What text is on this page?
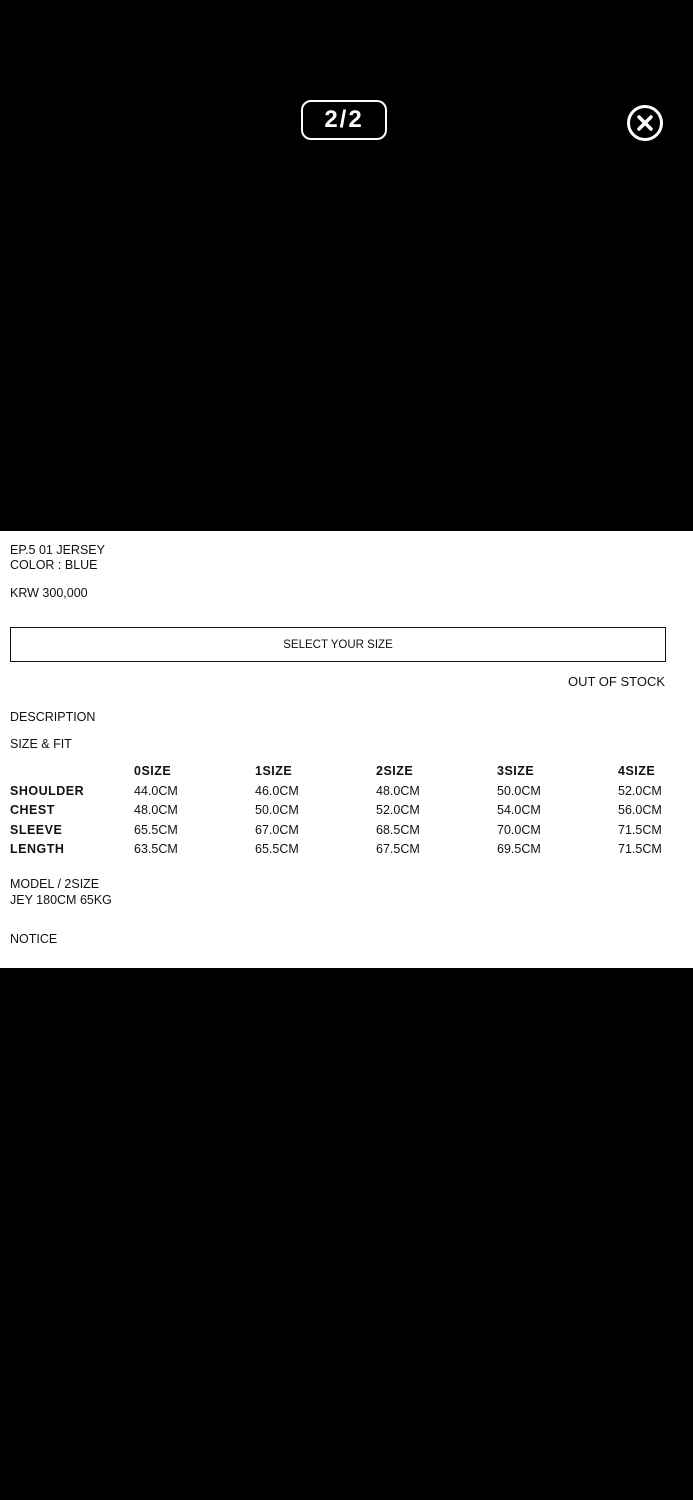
2/2
EP.5 01 JERSEY
COLOR : BLUE
KRW 300,000
SELECT YOUR SIZE
OUT OF STOCK
DESCRIPTION
SIZE & FIT
0SIZE	1SIZE	2SIZE	3SIZE	4SIZE
SHOULDER	44.0CM	46.0CM	48.0CM	50.0CM	52.0CM
CHEST	48.0CM	50.0CM	52.0CM	54.0CM	56.0CM
SLEEVE	65.5CM	67.0CM	68.5CM	70.0CM	71.5CM
LENGTH	63.5CM	65.5CM	67.5CM	69.5CM	71.5CM
MODEL / 2SIZE
JEY 180CM 65KG
NOTICE
